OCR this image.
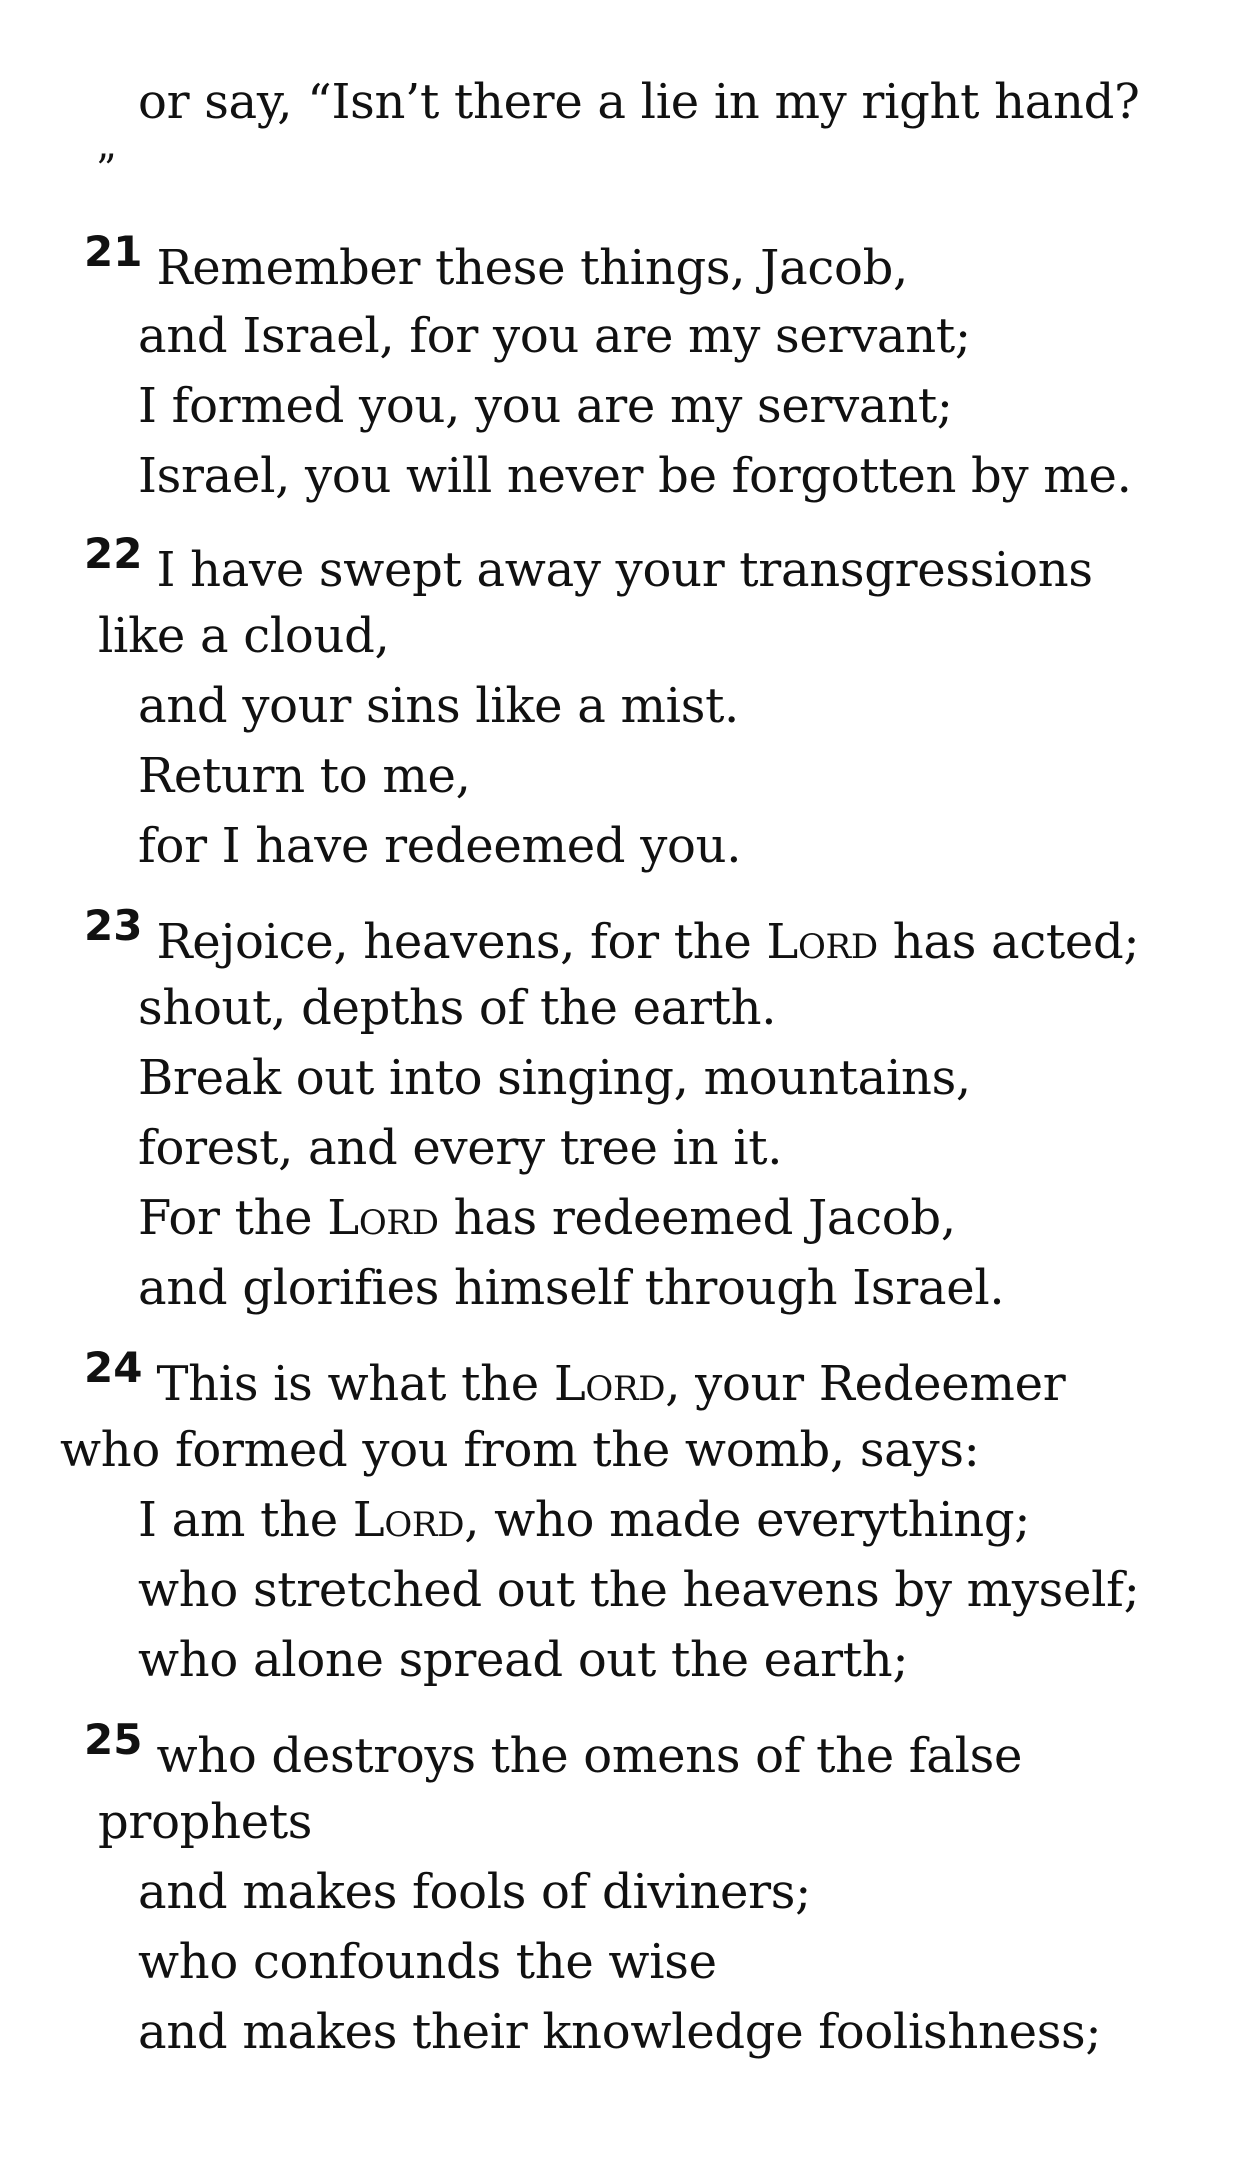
or say, “Isn’t there a lie in my right hand?
”
21 Remember these things, Jacob,
and Israel, for you are my servant;
I formed you, you are my servant;
Israel, you will never be forgotten by me.
22 I have swept away your transgressions
like a cloud,
and your sins like a mist.
Return to me,
for I have redeemed you.
23 Rejoice, heavens, for the Lord has acted;
shout, depths of the earth.
Break out into singing, mountains,
forest, and every tree in it.
For the Lord has redeemed Jacob,
and glorifies himself through Israel.
24 This is what the Lord, your Redeemer
who formed you from the womb, says:
I am the Lord, who made everything;
who stretched out the heavens by myself;
who alone spread out the earth;
25 who destroys the omens of the false
prophets
and makes fools of diviners;
who confounds the wise
and makes their knowledge foolishness;
